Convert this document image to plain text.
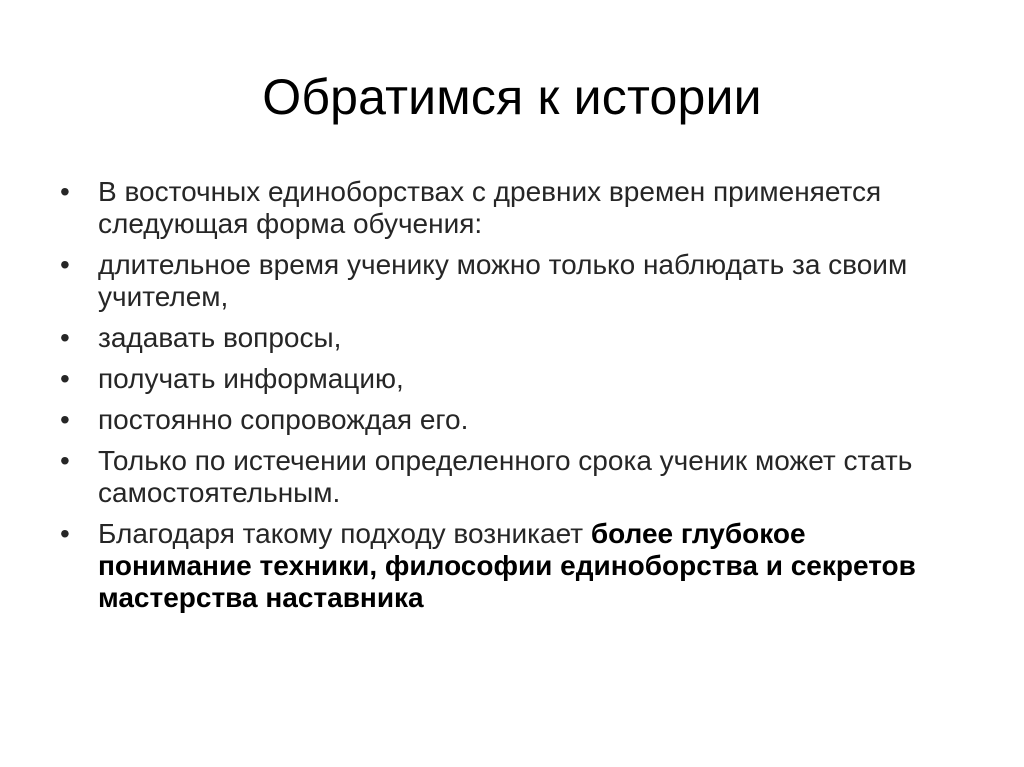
Обратимся к истории
• В восточных единоборствах с древних времен применяется следующая форма обучения:
• длительное время ученику можно только наблюдать за своим учителем,
• задавать вопросы,
• получать информацию,
• постоянно сопровождая его.
• Только по истечении определенного срока ученик может стать самостоятельным.
• Благодаря такому подходу возникает более глубокое понимание техники, философии единоборства и секретов мастерства наставника
